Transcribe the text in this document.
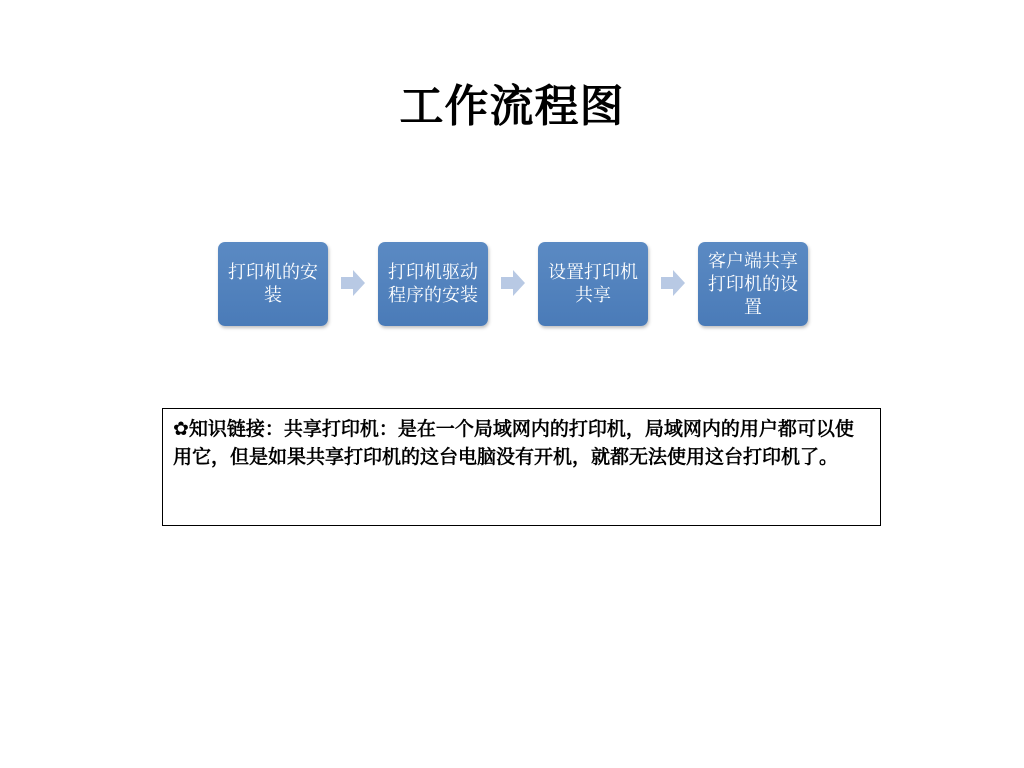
工作流程图
打印机的安装
打印机驱动程序的安装
设置打印机共享
客户端共享打印机的设置
✿知识链接：共享打印机：是在一个局域网内的打印机，局域网内的用户都可以使用它，但是如果共享打印机的这台电脑没有开机，就都无法使用这台打印机了。
